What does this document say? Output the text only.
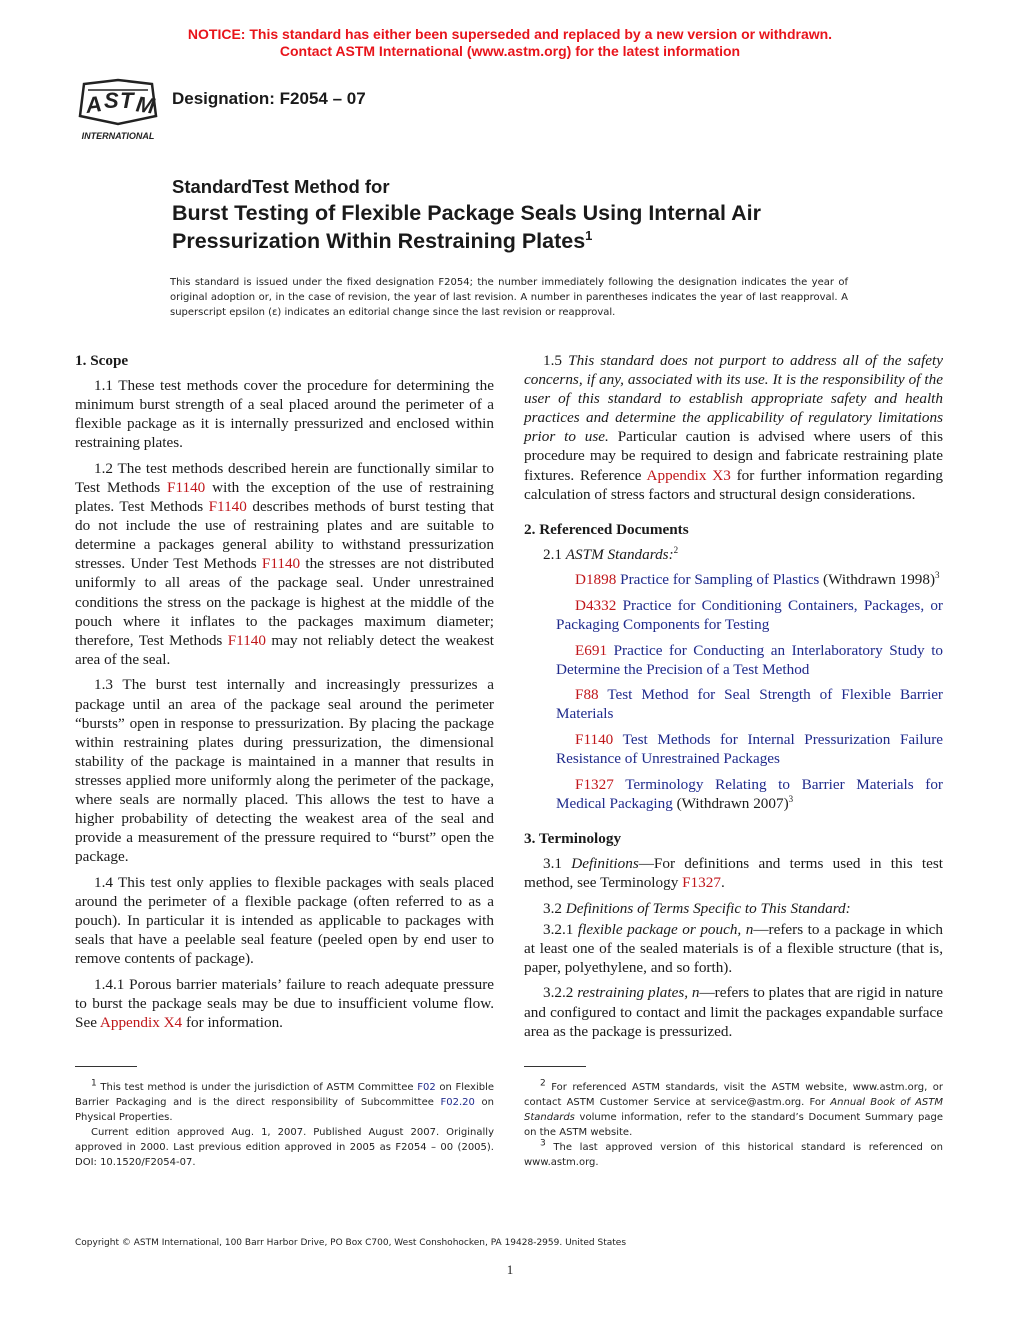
NOTICE: This standard has either been superseded and replaced by a new version or withdrawn.
Contact ASTM International (www.astm.org) for the latest information
A S T M
INTERNATIONAL
Designation: F2054 – 07
StandardTest Method for
Burst Testing of Flexible Package Seals Using Internal Air
Pressurization Within Restraining Plates$^1$
This standard is issued under the fixed designation F2054; the number immediately following the designation indicates the year of original adoption or, in the case of revision, the year of last revision. A number in parentheses indicates the year of last reapproval. A superscript epsilon (ε) indicates an editorial change since the last revision or reapproval.
1. Scope

1.1 These test methods cover the procedure for determining the minimum burst strength of a seal placed around the perimeter of a flexible package as it is internally pressurized and enclosed within restraining plates.

1.2 The test methods described herein are functionally similar to Test Methods F1140 with the exception of the use of restraining plates. Test Methods F1140 describes methods of burst testing that do not include the use of restraining plates and are suitable to determine a packages general ability to withstand pressurization stresses. Under Test Methods F1140 the stresses are not distributed uniformly to all areas of the package seal. Under unrestrained conditions the stress on the package is highest at the middle of the pouch where it inflates to the packages maximum diameter; therefore, Test Methods F1140 may not reliably detect the weakest area of the seal.

1.3 The burst test internally and increasingly pressurizes a package until an area of the package seal around the perimeter “bursts” open in response to pressurization. By placing the package within restraining plates during pressurization, the dimensional stability of the package is maintained in a manner that results in stresses applied more uniformly along the perimeter of the package, where seals are normally placed. This allows the test to have a higher probability of detecting the weakest area of the seal and provide a measurement of the pressure required to “burst” open the package.

1.4 This test only applies to flexible packages with seals placed around the perimeter of a flexible package (often referred to as a pouch). In particular it is intended as applicable to packages with seals that have a peelable seal feature (peeled open by end user to remove contents of package).

1.4.1 Porous barrier materials’ failure to reach adequate pressure to burst the package seals may be due to insufficient volume flow. See Appendix X4 for information.

1.5 This standard does not purport to address all of the safety concerns, if any, associated with its use. It is the responsibility of the user of this standard to establish appropriate safety and health practices and determine the applicability of regulatory limitations prior to use. Particular caution is advised where users of this procedure may be required to design and fabricate restraining plate fixtures. Reference Appendix X3 for further information regarding calculation of stress factors and structural design considerations.

2. Referenced Documents

2.1 ASTM Standards:$^2$

D1898 Practice for Sampling of Plastics (Withdrawn 1998)$^3$

D4332 Practice for Conditioning Containers, Packages, or Packaging Components for Testing

E691 Practice for Conducting an Interlaboratory Study to Determine the Precision of a Test Method

F88 Test Method for Seal Strength of Flexible Barrier Materials

F1140 Test Methods for Internal Pressurization Failure Resistance of Unrestrained Packages

F1327 Terminology Relating to Barrier Materials for Medical Packaging (Withdrawn 2007)$^3$

3. Terminology

3.1 Definitions—For definitions and terms used in this test method, see Terminology F1327.

3.2 Definitions of Terms Specific to This Standard:

3.2.1 flexible package or pouch, n—refers to a package in which at least one of the sealed materials is of a flexible structure (that is, paper, polyethylene, and so forth).

3.2.2 restraining plates, n—refers to plates that are rigid in nature and configured to contact and limit the packages expandable surface area as the package is pressurized.

$^1$ This test method is under the jurisdiction of ASTM Committee F02 on Flexible Barrier Packaging and is the direct responsibility of Subcommittee F02.20 on Physical Properties.

Current edition approved Aug. 1, 2007. Published August 2007. Originally approved in 2000. Last previous edition approved in 2005 as F2054 – 00 (2005). DOI: 10.1520/F2054-07.

$^2$ For referenced ASTM standards, visit the ASTM website, www.astm.org, or contact ASTM Customer Service at service@astm.org. For Annual Book of ASTM Standards volume information, refer to the standard’s Document Summary page on the ASTM website.

$^3$ The last approved version of this historical standard is referenced on www.astm.org.

Copyright © ASTM International, 100 Barr Harbor Drive, PO Box C700, West Conshohocken, PA 19428-2959. United States
1
